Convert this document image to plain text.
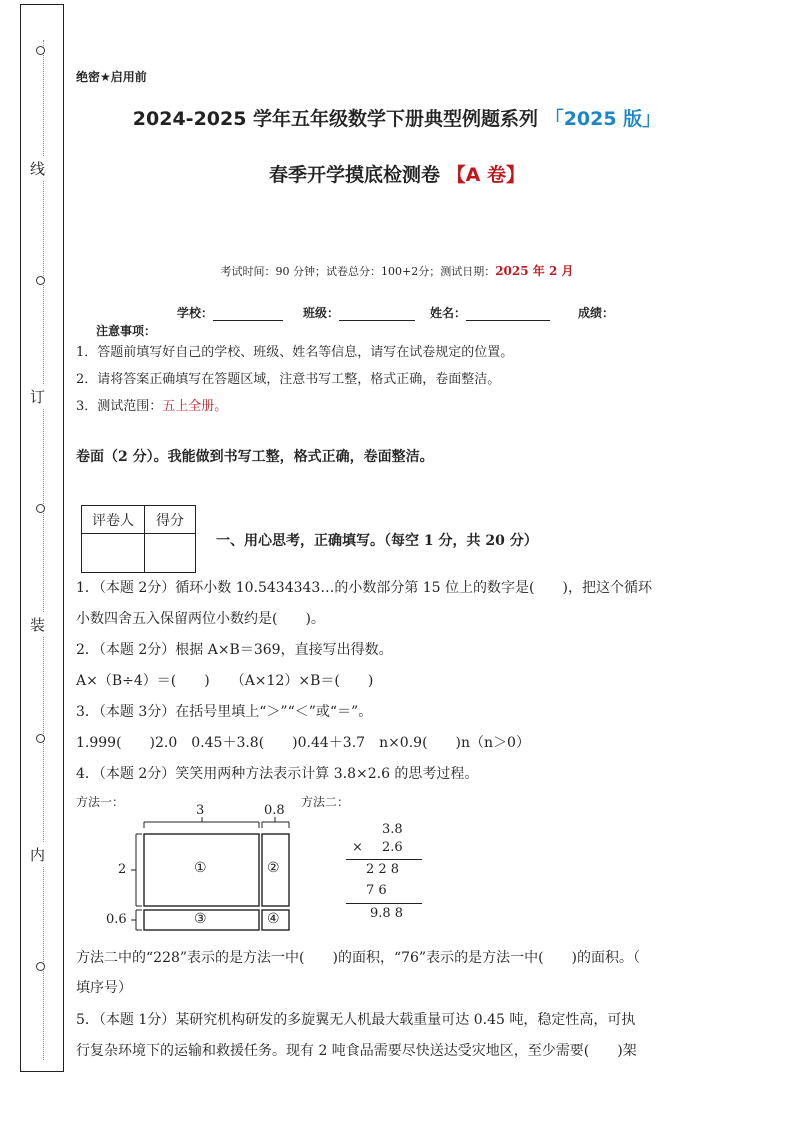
线
订
装
内
绝密★启用前
2024-2025 学年五年级数学下册典型例题系列 「2025 版」
春季开学摸底检测卷 【A 卷】
考试时间：90 分钟；试卷总分：100+2分；测试日期：2025 年 2 月
学校：	班级：	姓名：	成绩：
注意事项：
1．答题前填写好自己的学校、班级、姓名等信息，请写在试卷规定的位置。
2．请将答案正确填写在答题区域，注意书写工整，格式正确，卷面整洁。
3．测试范围：五上全册。
卷面（2 分）。我能做到书写工整，格式正确，卷面整洁。
评卷人	得分

一、用心思考，正确填写。（每空 1 分，共 20 分）
1．（本题 2分）循环小数 10.5434343…的小数部分第 15 位上的数字是(　　)，把这个循环
小数四舍五入保留两位小数约是(　　)。
2．（本题 2分）根据 A×B＝369，直接写出得数。
A×（B÷4）＝(　　)　　（A×12）×B＝(　　)
3．（本题 3分）在括号里填上“＞”“＜”或“＝”。
1.999(　　)2.0　0.45＋3.8(　　)0.44＋3.7　n×0.9(　　)n（n＞0）
4．（本题 2分）笑笑用两种方法表示计算 3.8×2.6 的思考过程。
方法一：	方法二：
3	0.8
2
0.6
①	②
③	④
3.8
× 2.6
2 2 8
7 6
9.8 8
方法二中的“228”表示的是方法一中(　　)的面积，“76”表示的是方法一中(　　)的面积。（
填序号）
5．（本题 1分）某研究机构研发的多旋翼无人机最大载重量可达 0.45 吨，稳定性高，可执
行复杂环境下的运输和救援任务。现有 2 吨食品需要尽快送达受灾地区，至少需要(　　)架
